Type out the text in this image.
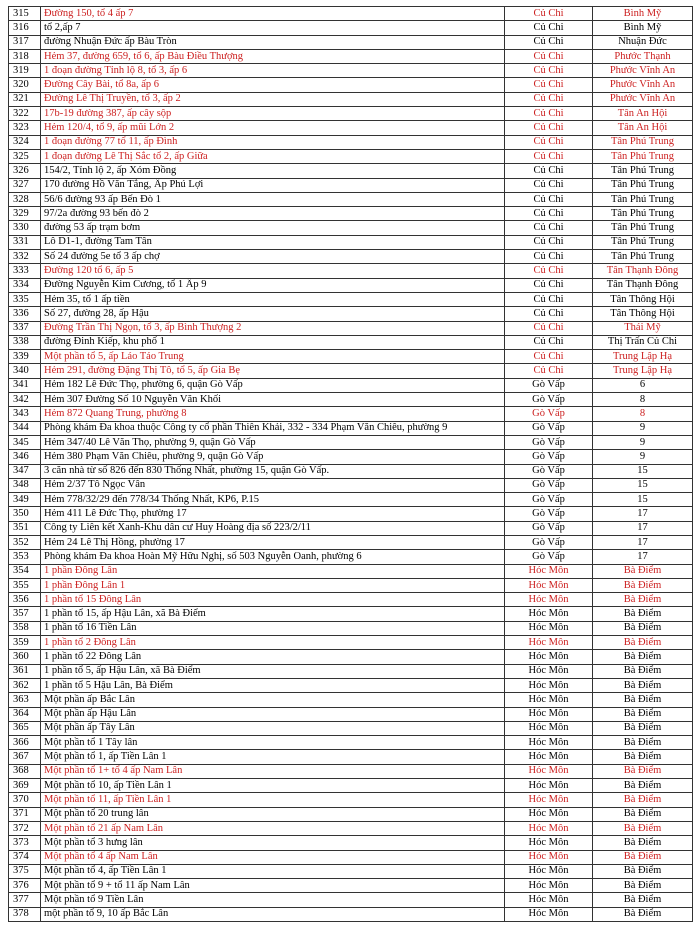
315	Đường 150, tổ 4 ấp 7	Củ Chi	Bình Mỹ
316	tổ 2,ấp 7	Củ Chi	Bình Mỹ
317	đường Nhuận Đức ấp Bàu Tròn	Củ Chi	Nhuận Đức
318	Hẻm 37, đường 659, tổ 6, ấp Bàu Điều Thượng	Củ Chi	Phước Thạnh
319	1 đoạn đường Tỉnh lộ 8, tổ 3, ấp 6	Củ Chi	Phước Vĩnh An
320	Đường Cây Bài, tổ 8a, ấp 6	Củ Chi	Phước Vĩnh An
321	Đường Lê Thị Truyền, tổ 3, ấp 2	Củ Chi	Phước Vĩnh An
322	17b-19 đường 387, ấp cây sộp	Củ Chi	Tân An Hội
323	Hẻm 120/4, tổ 9, ấp mũi Lớn 2	Củ Chi	Tân An Hội
324	1 đoạn đường 77 tổ 11, ấp Đình	Củ Chi	Tân Phú Trung
325	1 đoạn đường Lê Thị Sắc tổ 2, ấp Giữa	Củ Chi	Tân Phú Trung
326	154/2, Tỉnh lộ 2, ấp Xóm Đồng	Củ Chi	Tân Phú Trung
327	170 đường Hồ Văn Tắng, Ấp Phú Lợi	Củ Chi	Tân Phú Trung
328	56/6 đường 93 ấp Bến Đò 1	Củ Chi	Tân Phú Trung
329	97/2a đường 93 bến đò 2	Củ Chi	Tân Phú Trung
330	đường 53 ấp trạm bơm	Củ Chi	Tân Phú Trung
331	Lô D1-1, đường Tam Tân	Củ Chi	Tân Phú Trung
332	Số 24 đường 5e tổ 3 ấp chợ	Củ Chi	Tân Phú Trung
333	Đường 120 tổ 6, ấp 5	Củ Chi	Tân Thạnh Đông
334	Đường Nguyễn Kim Cương, tổ 1 Ấp 9	Củ Chi	Tân Thạnh Đông
335	Hẻm 35, tổ 1 ấp tiền	Củ Chi	Tân Thông Hội
336	Số 27, đường 28, ấp Hậu	Củ Chi	Tân Thông Hội
337	Đường Trần Thị Ngọn, tổ 3, ấp Bình Thượng 2	Củ Chi	Thái Mỹ
338	đường Đinh Kiếp, khu phố 1	Củ Chi	Thị Trấn Củ Chi
339	Một phần tổ 5, ấp Láo Táo Trung	Củ Chi	Trung Lập Hạ
340	Hẻm 291, đường Đặng Thị Tô, tổ 5, ấp Gia Bẹ	Củ Chi	Trung Lập Hạ
341	Hẻm 182 Lê Đức Thọ, phường 6, quận Gò Vấp	Gò Vấp	6
342	Hẻm 307 Đường Số 10 Nguyễn Văn Khối	Gò Vấp	8
343	Hẻm 872 Quang Trung, phường 8	Gò Vấp	8
344	Phòng khám Đa khoa thuộc Công ty cổ phần Thiên Khải, 332 - 334 Phạm Văn Chiêu, phường 9	Gò Vấp	9
345	Hẻm 347/40 Lê Văn Thọ, phường 9, quận Gò Vấp	Gò Vấp	9
346	Hẻm 380 Phạm Văn Chiêu, phường 9, quận Gò Vấp	Gò Vấp	9
347	3 căn nhà từ số 826 đến 830 Thống Nhất, phường 15, quận Gò Vấp.	Gò Vấp	15
348	Hẻm 2/37 Tô Ngọc Vân	Gò Vấp	15
349	Hẻm 778/32/29 đến 778/34 Thống Nhất, KP6, P.15	Gò Vấp	15
350	Hẻm 411 Lê Đức Thọ, phường 17	Gò Vấp	17
351	Công ty Liên kết Xanh-Khu dân cư Huy Hoàng địa số 223/2/11	Gò Vấp	17
352	Hẻm 24 Lê Thị Hồng, phường 17	Gò Vấp	17
353	Phòng khám Đa khoa Hoàn Mỹ Hữu Nghị, số 503 Nguyễn Oanh, phường 6	Gò Vấp	17
354	1 phần Đông Lân	Hóc Môn	Bà Điểm
355	1 phần Đông Lân 1	Hóc Môn	Bà Điểm
356	1 phần tổ 15 Đông Lân	Hóc Môn	Bà Điểm
357	1 phần tổ 15, ấp Hậu Lân, xã Bà Điểm	Hóc Môn	Bà Điểm
358	1 phần tổ 16 Tiền Lân	Hóc Môn	Bà Điểm
359	1 phần tổ 2 Đông Lân	Hóc Môn	Bà Điểm
360	1 phần tổ 22 Đông Lân	Hóc Môn	Bà Điểm
361	1 phần tổ 5, ấp Hậu Lân, xã Bà Điểm	Hóc Môn	Bà Điểm
362	1 phần tổ 5 Hậu Lân, Bà Điểm	Hóc Môn	Bà Điểm
363	Một phần ấp Bắc Lân	Hóc Môn	Bà Điểm
364	Một phần ấp Hậu Lân	Hóc Môn	Bà Điểm
365	Một phần ấp Tây Lân	Hóc Môn	Bà Điểm
366	Một phần tổ 1 Tây lân	Hóc Môn	Bà Điểm
367	Một phần tổ 1, ấp Tiền Lân 1	Hóc Môn	Bà Điểm
368	Một phần tổ 1+ tổ 4 ấp Nam Lân	Hóc Môn	Bà Điểm
369	Một phần tổ 10, ấp Tiền Lân 1	Hóc Môn	Bà Điểm
370	Một phần tổ 11, ấp Tiền Lân 1	Hóc Môn	Bà Điểm
371	Một phần tổ 20 trung lân	Hóc Môn	Bà Điểm
372	Một phần tổ 21 ấp Nam Lân	Hóc Môn	Bà Điểm
373	Một phần tổ 3 hưng lân	Hóc Môn	Bà Điểm
374	Một phần tổ 4 ấp Nam Lân	Hóc Môn	Bà Điểm
375	Một phần tổ 4, ấp Tiền Lân 1	Hóc Môn	Bà Điểm
376	Một phần tổ 9 + tổ 11 ấp Nam Lân	Hóc Môn	Bà Điểm
377	Một phần tổ 9 Tiền Lân	Hóc Môn	Bà Điểm
378	một phần tổ 9, 10 ấp Bắc Lân	Hóc Môn	Bà Điểm
